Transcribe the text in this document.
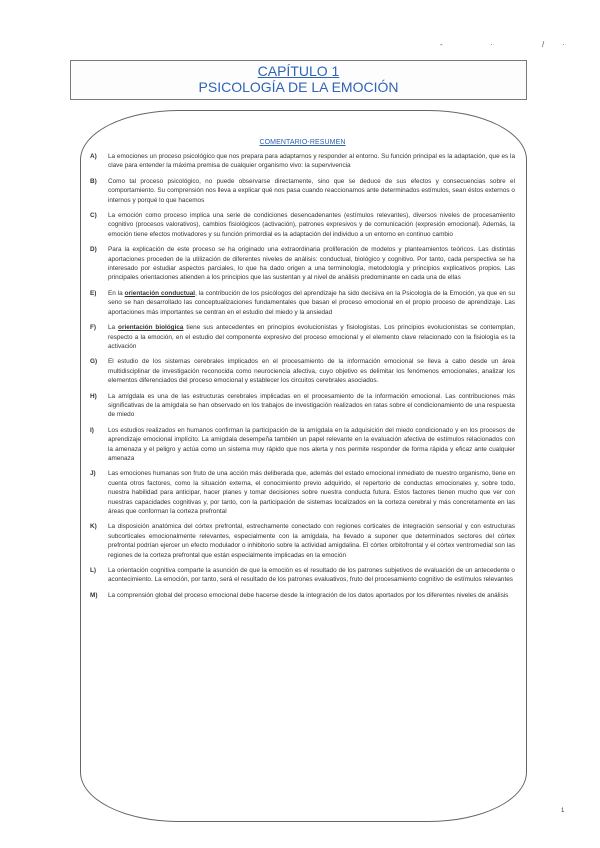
-	·	/ ·
CAPÍTULO 1
PSICOLOGÍA DE LA EMOCIÓN
COMENTARIO-RESUMEN
A)	La emociones un proceso psicológico que nos prepara para adaptarnos y responder al entorno. Su función principal es la adaptación, que es la clave para entender la máxima premisa de cualquier organismo vivo: la supervivencia
B)	Como tal proceso psicológico, no puede observarse directamente, sino que se deduce de sus efectos y consecuencias sobre el comportamiento. Su comprensión nos lleva a explicar qué nos pasa cuando reaccionamos ante determinados estímulos, sean éstos externos o internos y porqué lo que hacemos
C)	La emoción como proceso implica una serie de condiciones desencadenantes (estímulos relevantes), diversos niveles de procesamiento cognitivo (procesos valorativos), cambios fisiológicos (activación), patrones expresivos y de comunicación (expresión emocional). Además, la emoción tiene efectos motivadores y su función primordial es la adaptación del individuo a un entorno en continuo cambio
D)	Para la explicación de este proceso se ha originado una extraordinaria proliferación de modelos y planteamientos teóricos. Las distintas aportaciones proceden de la utilización de diferentes niveles de análisis: conductual, biológico y cognitivo. Por tanto, cada perspectiva se ha interesado por estudiar aspectos parciales, lo que ha dado origen a una terminología, metodología y principios explicativos propios. Las principales orientaciones atienden a los principios que las sustentan y al nivel de análisis predominante en cada una de ellas
E)	En la orientación conductual, la contribución de los psicólogos del aprendizaje ha sido decisiva en la Psicología de la Emoción, ya que en su seno se han desarrollado las conceptualizaciones fundamentales que basan el proceso emocional en el propio proceso de aprendizaje. Las aportaciones más importantes se centran en el estudio del miedo y la ansiedad
F)	La orientación biológica tiene sus antecedentes en principios evolucionistas y fisiologistas. Los principios evolucionistas se contemplan, respecto a la emoción, en el estudio del componente expresivo del proceso emocional y el elemento clave relacionado con la fisiología es la activación
G)	El estudio de los sistemas cerebrales implicados en el procesamiento de la información emocional se lleva a cabo desde un área multidisciplinar de investigación reconocida como neurociencia afectiva, cuyo objetivo es delimitar los fenómenos emocionales, analizar los elementos diferenciados del proceso emocional y establecer los circuitos cerebrales asociados.
H)	La amígdala es una de las estructuras cerebrales implicadas en el procesamiento de la información emocional. Las contribuciones más significativas de la amígdala se han observado en los trabajos de investigación realizados en ratas sobre el condicionamiento de una respuesta de miedo
I)	Los estudios realizados en humanos confirman la participación de la amígdala en la adquisición del miedo condicionado y en los procesos de aprendizaje emocional implícito. La amígdala desempeña también un papel relevante en la evaluación afectiva de estímulos relacionados con la amenaza y el peligro y actúa como un sistema muy rápido que nos alerta y nos permite responder de forma rápida y eficaz ante cualquier amenaza
J)	Las emociones humanas son fruto de una acción más deliberada que, además del estado emocional inmediato de nuestro organismo, tiene en cuenta otros factores, como la situación externa, el conocimiento previo adquirido, el repertorio de conductas emocionales y, sobre todo, nuestra habilidad para anticipar, hacer planes y tomar decisiones sobre nuestra conducta futura. Estos factores tienen mucho que ver con nuestras capacidades cognitivas y, por tanto, con la participación de sistemas localizados en la corteza cerebral y más concretamente en las áreas que conforman la corteza prefrontal
K)	La disposición anatómica del córtex prefrontal, estrechamente conectado con regiones corticales de integración sensorial y con estructuras subcorticales emocionalmente relevantes, especialmente con la amígdala, ha llevado a suponer que determinados sectores del córtex prefrontal podrían ejercer un efecto modulador o inhibitorio sobre la actividad amigdalina. El córtex orbitofrontal y el córtex ventromedial son las regiones de la corteza prefrontal que están especialmente implicadas en la emoción
L)	La orientación cognitiva comparte la asunción de que la emoción es el resultado de los patrones subjetivos de evaluación de un antecedente o acontecimiento. La emoción, por tanto, será el resultado de los patrones evaluativos, fruto del procesamiento cognitivo de estímulos relevantes
M)	La comprensión global del proceso emocional debe hacerse desde la integración de los datos aportados por los diferentes niveles de análisis
1
